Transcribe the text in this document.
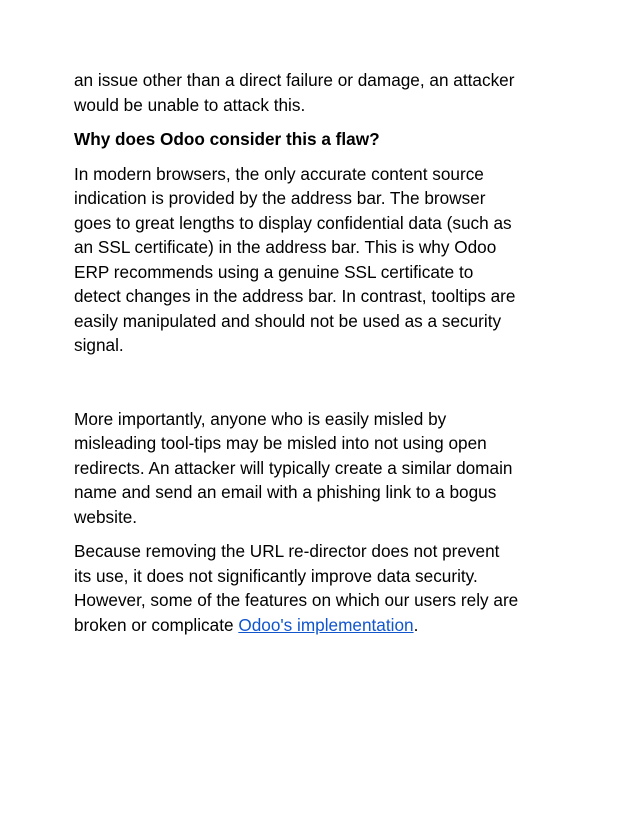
an issue other than a direct failure or damage, an attacker
would be unable to attack this.

Why does Odoo consider this a flaw?

In modern browsers, the only accurate content source
indication is provided by the address bar. The browser
goes to great lengths to display confidential data (such as
an SSL certificate) in the address bar. This is why Odoo
ERP recommends using a genuine SSL certificate to
detect changes in the address bar. In contrast, tooltips are
easily manipulated and should not be used as a security
signal.

More importantly, anyone who is easily misled by
misleading tool-tips may be misled into not using open
redirects. An attacker will typically create a similar domain
name and send an email with a phishing link to a bogus
website.

Because removing the URL re-director does not prevent
its use, it does not significantly improve data security.
However, some of the features on which our users rely are
broken or complicate Odoo's implementation.
